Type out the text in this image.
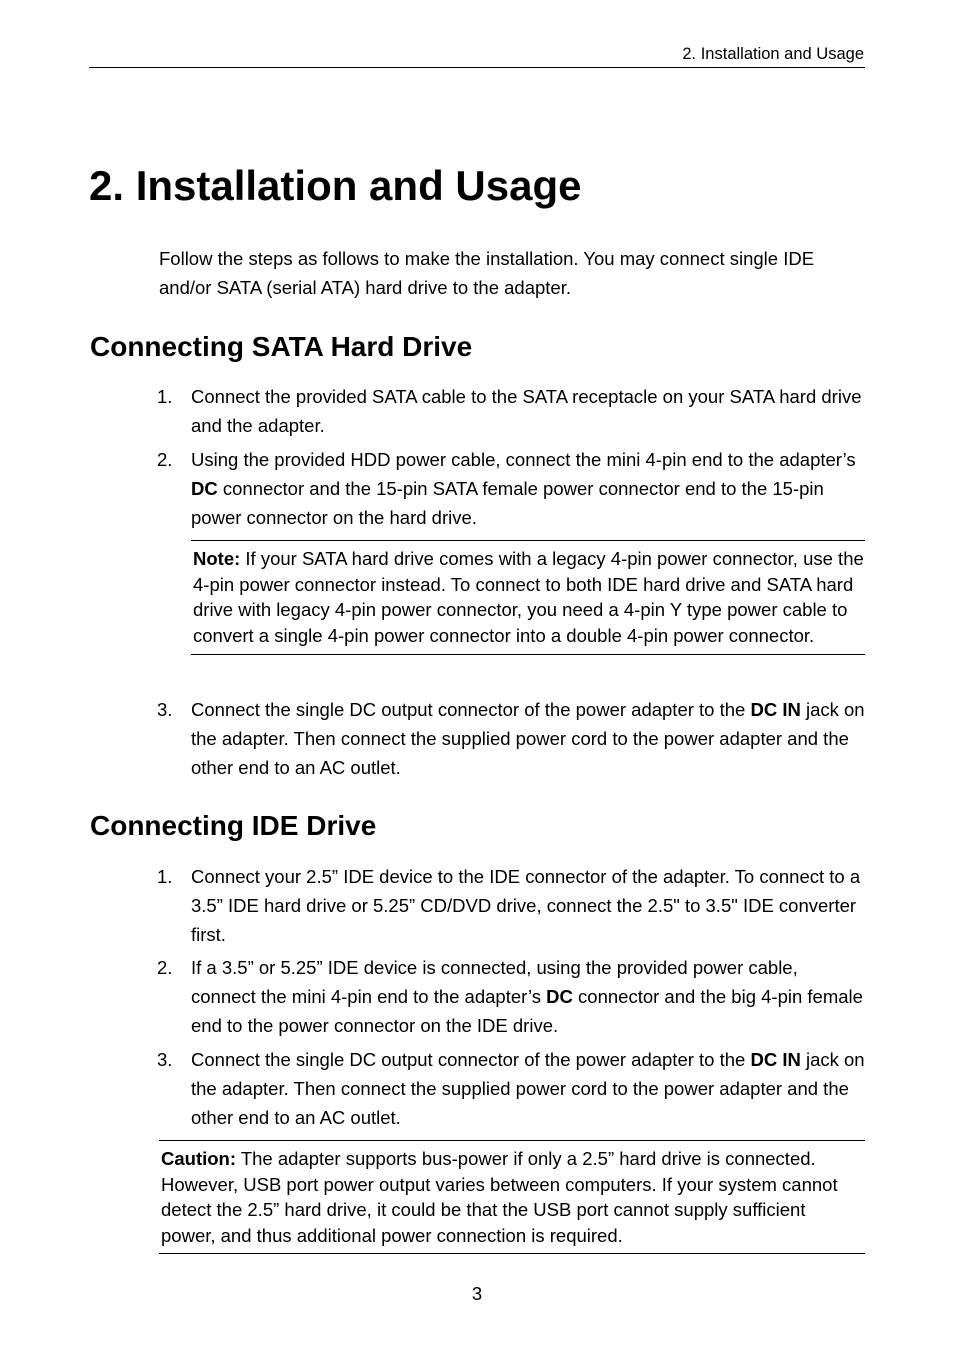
2. Installation and Usage
2. Installation and Usage

Follow the steps as follows to make the installation. You may connect single IDE and/or SATA (serial ATA) hard drive to the adapter.

Connecting SATA Hard Drive
1. Connect the provided SATA cable to the SATA receptacle on your SATA hard drive and the adapter.
2. Using the provided HDD power cable, connect the mini 4-pin end to the adapter’s DC connector and the 15-pin SATA female power connector end to the 15-pin power connector on the hard drive.
Note: If your SATA hard drive comes with a legacy 4-pin power connector, use the 4-pin power connector instead. To connect to both IDE hard drive and SATA hard drive with legacy 4-pin power connector, you need a 4-pin Y type power cable to convert a single 4-pin power connector into a double 4-pin power connector.
3. Connect the single DC output connector of the power adapter to the DC IN jack on the adapter. Then connect the supplied power cord to the power adapter and the other end to an AC outlet.
Connecting IDE Drive
1. Connect your 2.5” IDE device to the IDE connector of the adapter. To connect to a 3.5” IDE hard drive or 5.25” CD/DVD drive, connect the 2.5" to 3.5" IDE converter first.
2. If a 3.5” or 5.25” IDE device is connected, using the provided power cable, connect the mini 4-pin end to the adapter’s DC connector and the big 4-pin female end to the power connector on the IDE drive.
3. Connect the single DC output connector of the power adapter to the DC IN jack on the adapter. Then connect the supplied power cord to the power adapter and the other end to an AC outlet.
Caution: The adapter supports bus-power if only a 2.5” hard drive is connected. However, USB port power output varies between computers. If your system cannot detect the 2.5” hard drive, it could be that the USB port cannot supply sufficient power, and thus additional power connection is required.
3
